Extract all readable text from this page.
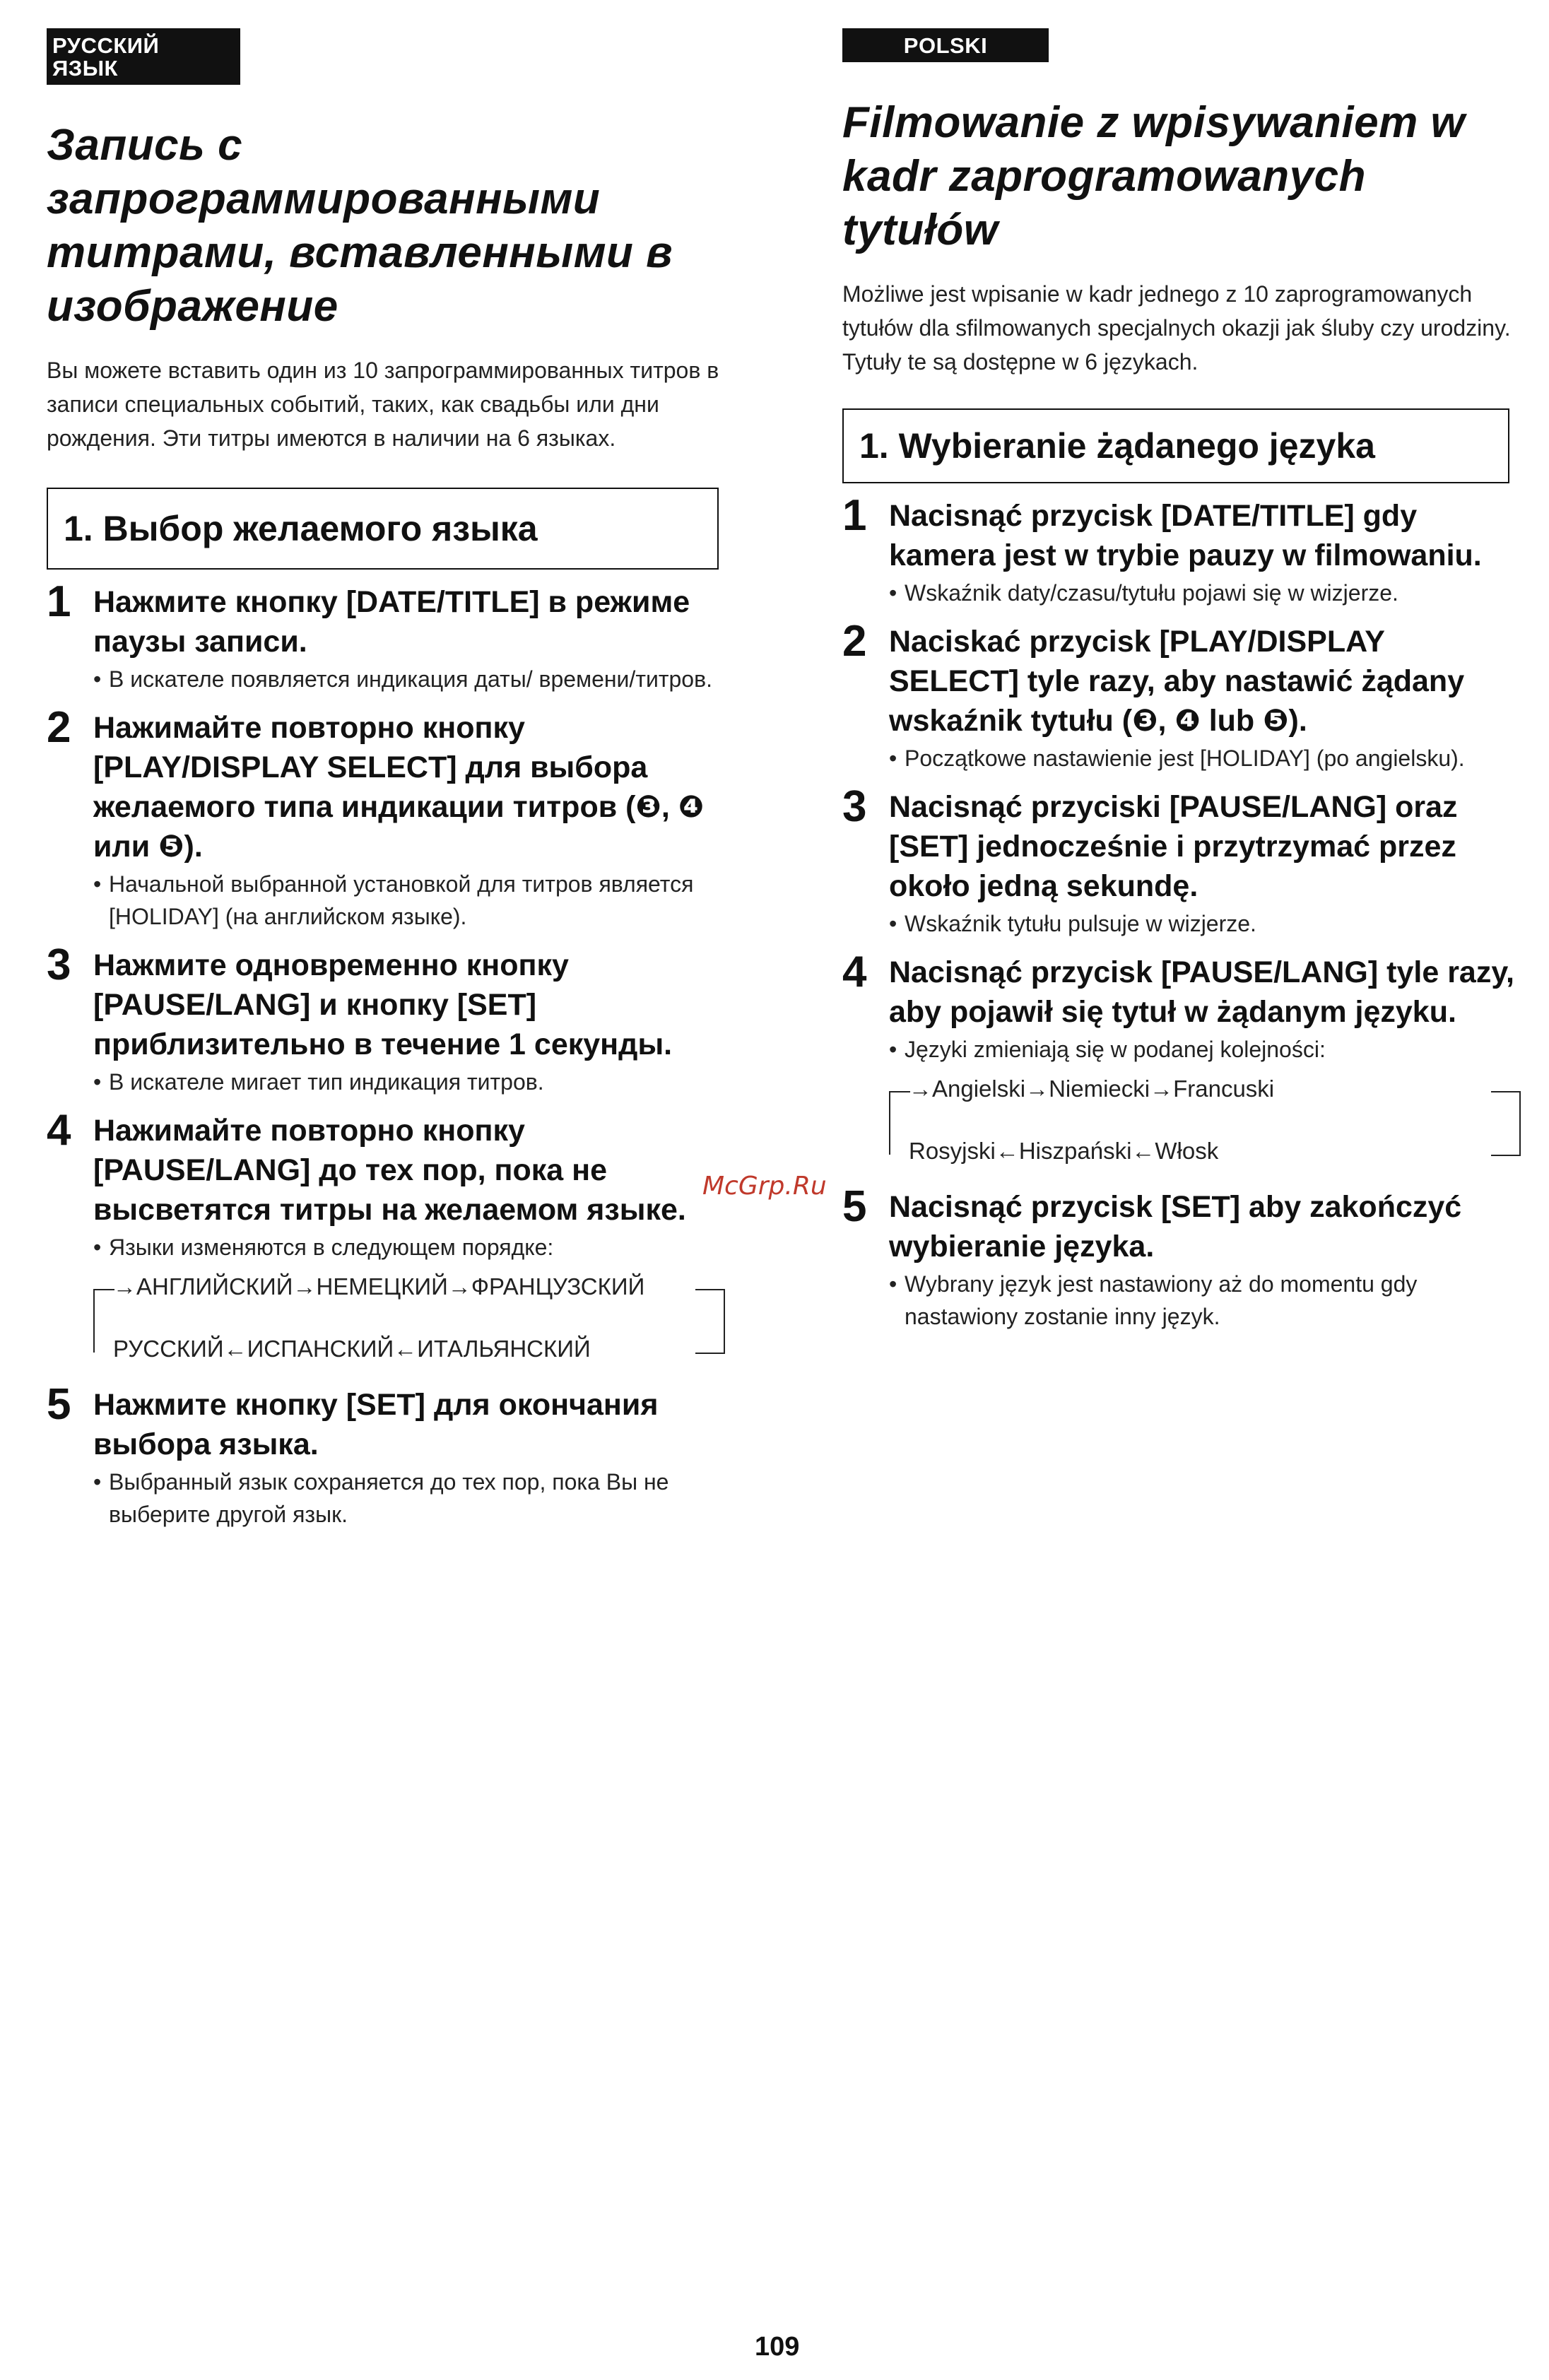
РУССКИЙ ЯЗЫК
Запись с запрограммированными титрами, вставленными в изображение

Вы можете вставить один из 10 запрограммированных титров в записи специальных событий, таких, как свадьбы или дни рождения. Эти титры имеются в наличии на 6 языках.

1. Выбор желаемого языка
1 Нажмите кнопку [DATE/TITLE] в режиме паузы записи.
• В искателе появляется индикация даты/ времени/титров.
2 Нажимайте повторно кнопку [PLAY/DISPLAY SELECT] для выбора желаемого типа индикации титров (❸, ❹ или ❺).
• Начальной выбранной установкой для титров является [HOLIDAY] (на английском языке).
3 Нажмите одновременно кнопку [PAUSE/LANG] и кнопку [SET] приблизительно в течение 1 секунды.
• В искателе мигает тип индикация титров.
4 Нажимайте повторно кнопку [PAUSE/LANG] до тех пор, пока не высветятся титры на желаемом языке.
• Языки изменяются в следующем порядке:
→АНГЛИЙСКИЙ→НЕМЕЦКИЙ→ФРАНЦУЗСКИЙ
РУССКИЙ←ИСПАНСКИЙ←ИТАЛЬЯНСКИЙ
5 Нажмите кнопку [SET] для окончания выбора языка.
• Выбранный язык сохраняется до тех пор, пока Вы не выберите другой язык.
POLSKI
Filmowanie z wpisywaniem w kadr zaprogramowanych tytułów

Możliwe jest wpisanie w kadr jednego z 10 zaprogramowanych tytułów dla sfilmowanych specjalnych okazji jak śluby czy urodziny. Tytuły te są dostępne w 6 językach.

1. Wybieranie żądanego języka
1 Nacisnąć przycisk [DATE/TITLE] gdy kamera jest w trybie pauzy w filmowaniu.
• Wskaźnik daty/czasu/tytułu pojawi się w wizjerze.
2 Naciskać przycisk [PLAY/DISPLAY SELECT] tyle razy, aby nastawić żądany wskaźnik tytułu (❸, ❹ lub ❺).
• Początkowe nastawienie jest [HOLIDAY] (po angielsku).
3 Nacisnąć przyciski [PAUSE/LANG] oraz [SET] jednocześnie i przytrzymać przez około jedną sekundę.
• Wskaźnik tytułu pulsuje w wizjerze.
4 Nacisnąć przycisk [PAUSE/LANG] tyle razy, aby pojawił się tytuł w żądanym języku.
• Języki zmieniają się w podanej kolejności:
→Angielski→Niemiecki→Francuski
Rosyjski←Hiszpański←Włosk
5 Nacisnąć przycisk [SET] aby zakończyć wybieranie języka.
• Wybrany język jest nastawiony aż do momentu gdy nastawiony zostanie inny język.
McGrp.Ru
109
